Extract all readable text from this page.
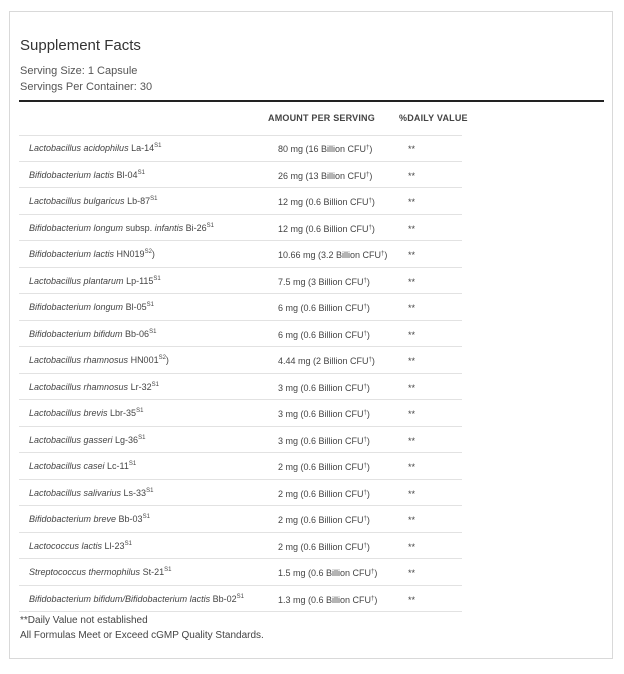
Supplement Facts
Serving Size: 1 Capsule
Servings Per Container: 30
AMOUNT PER SERVING	%DAILY VALUE
Lactobacillus acidophilus $La-14^{S1}$	80 mg (16 Billion CFU†)	**
Bifidobacterium lactis $Bl-04^{S1}$	26 mg (13 Billion CFU†)	**
Lactobacillus bulgaricus $Lb-87^{S1}$	12 mg (0.6 Billion CFU†)	**
Bifidobacterium longum subsp. infantis $Bi-26^{S1}$	12 mg (0.6 Billion CFU†)	**
Bifidobacterium lactis $HN019^{S2}$)	10.66 mg (3.2 Billion CFU†) **
Lactobacillus plantarum $Lp-115^{S1}$	7.5 mg (3 Billion CFU†)	**
Bifidobacterium longum $Bl-05^{S1}$	6 mg (0.6 Billion CFU†)	**
Bifidobacterium bifidum $Bb-06^{S1}$	6 mg (0.6 Billion CFU†)	**
Lactobacillus rhamnosus $HN001^{S2}$)	4.44 mg (2 Billion CFU†)	**
Lactobacillus rhamnosus $Lr-32^{S1}$	3 mg (0.6 Billion CFU†)	**
Lactobacillus brevis Lbr-$35^{S1}$	3 mg (0.6 Billion CFU†)	**
Lactobacillus gasseri $Lg-36^{S1}$	3 mg (0.6 Billion CFU†)	**
Lactobacillus casei $Lc-11^{S1}$	2 mg (0.6 Billion CFU†)	**
Lactobacillus salivarius $Ls-33^{S1}$	2 mg (0.6 Billion CFU†)	**
Bifidobacterium breve $Bb-03^{S1}$	2 mg (0.6 Billion CFU†)	**
Lactococcus lactis $Ll-23^{S1}$	2 mg (0.6 Billion CFU†)	**
Streptococcus thermophilus $St-21^{S1}$	1.5 mg (0.6 Billion CFU†)	**
Bifidobacterium bifidum/Bifidobacterium lactis $Bb-02^{S1}$	1.3 mg (0.6 Billion CFU†)	**
**Daily Value not established
All Formulas Meet or Exceed cGMP Quality Standards.
